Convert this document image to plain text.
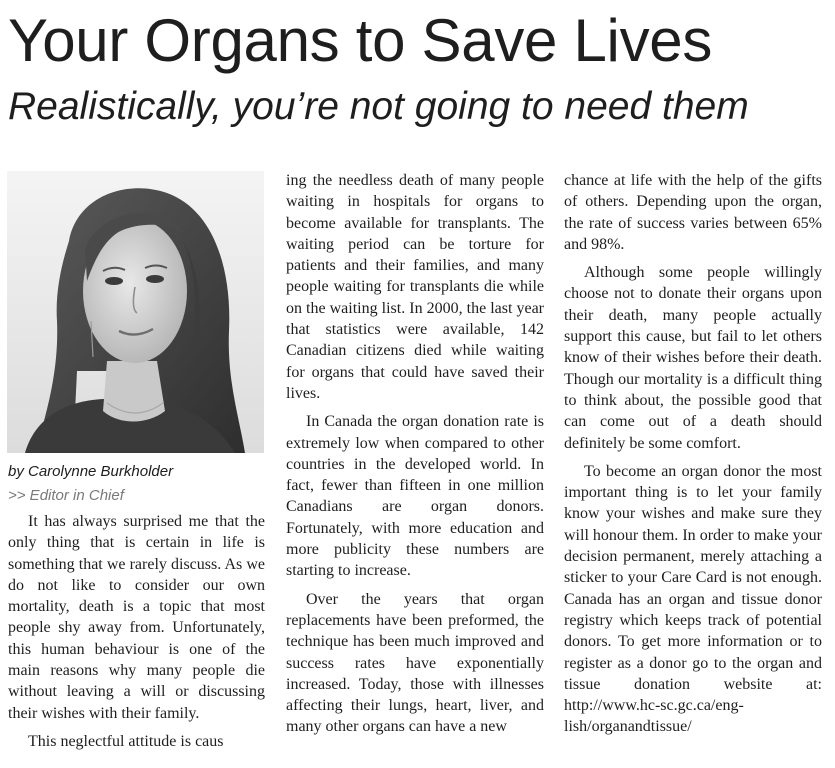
Your Organs to Save Lives
Realistically, you’re not going to need them
by Carolynne Burkholder
>> Editor in Chief

It has always surprised me that the only thing that is certain in life is something that we rarely discuss. As we do not like to consider our own mortality, death is a topic that most people shy away from. Unfortunately, this human behaviour is one of the main reasons why many people die without leaving a will or discussing their wishes with their family.

This neglectful attitude is caus

ing the needless death of many people waiting in hospitals for organs to become available for transplants. The waiting period can be torture for patients and their families, and many people waiting for transplants die while on the waiting list. In 2000, the last year that statistics were available, 142 Canadian citizens died while waiting for organs that could have saved their lives.

In Canada the organ donation rate is extremely low when compared to other countries in the developed world. In fact, fewer than fifteen in one million Canadians are organ donors. Fortunately, with more education and more publicity these numbers are starting to increase.

Over the years that organ replacements have been preformed, the technique has been much improved and success rates have exponentially increased. Today, those with illnesses affecting their lungs, heart, liver, and many other organs can have a new

chance at life with the help of the gifts of others. Depending upon the organ, the rate of success varies between 65% and 98%.

Although some people willingly choose not to donate their organs upon their death, many people actually support this cause, but fail to let others know of their wishes before their death. Though our mortality is a difficult thing to think about, the possible good that can come out of a death should definitely be some comfort.

To become an organ donor the most important thing is to let your family know your wishes and make sure they will honour them. In order to make your decision permanent, merely attaching a sticker to your Care Card is not enough. Canada has an organ and tissue donor registry which keeps track of potential donors. To get more information or to register as a donor go to the organ and tissue donation website at: http://www.hc-sc.gc.ca/english/organandtissue/
